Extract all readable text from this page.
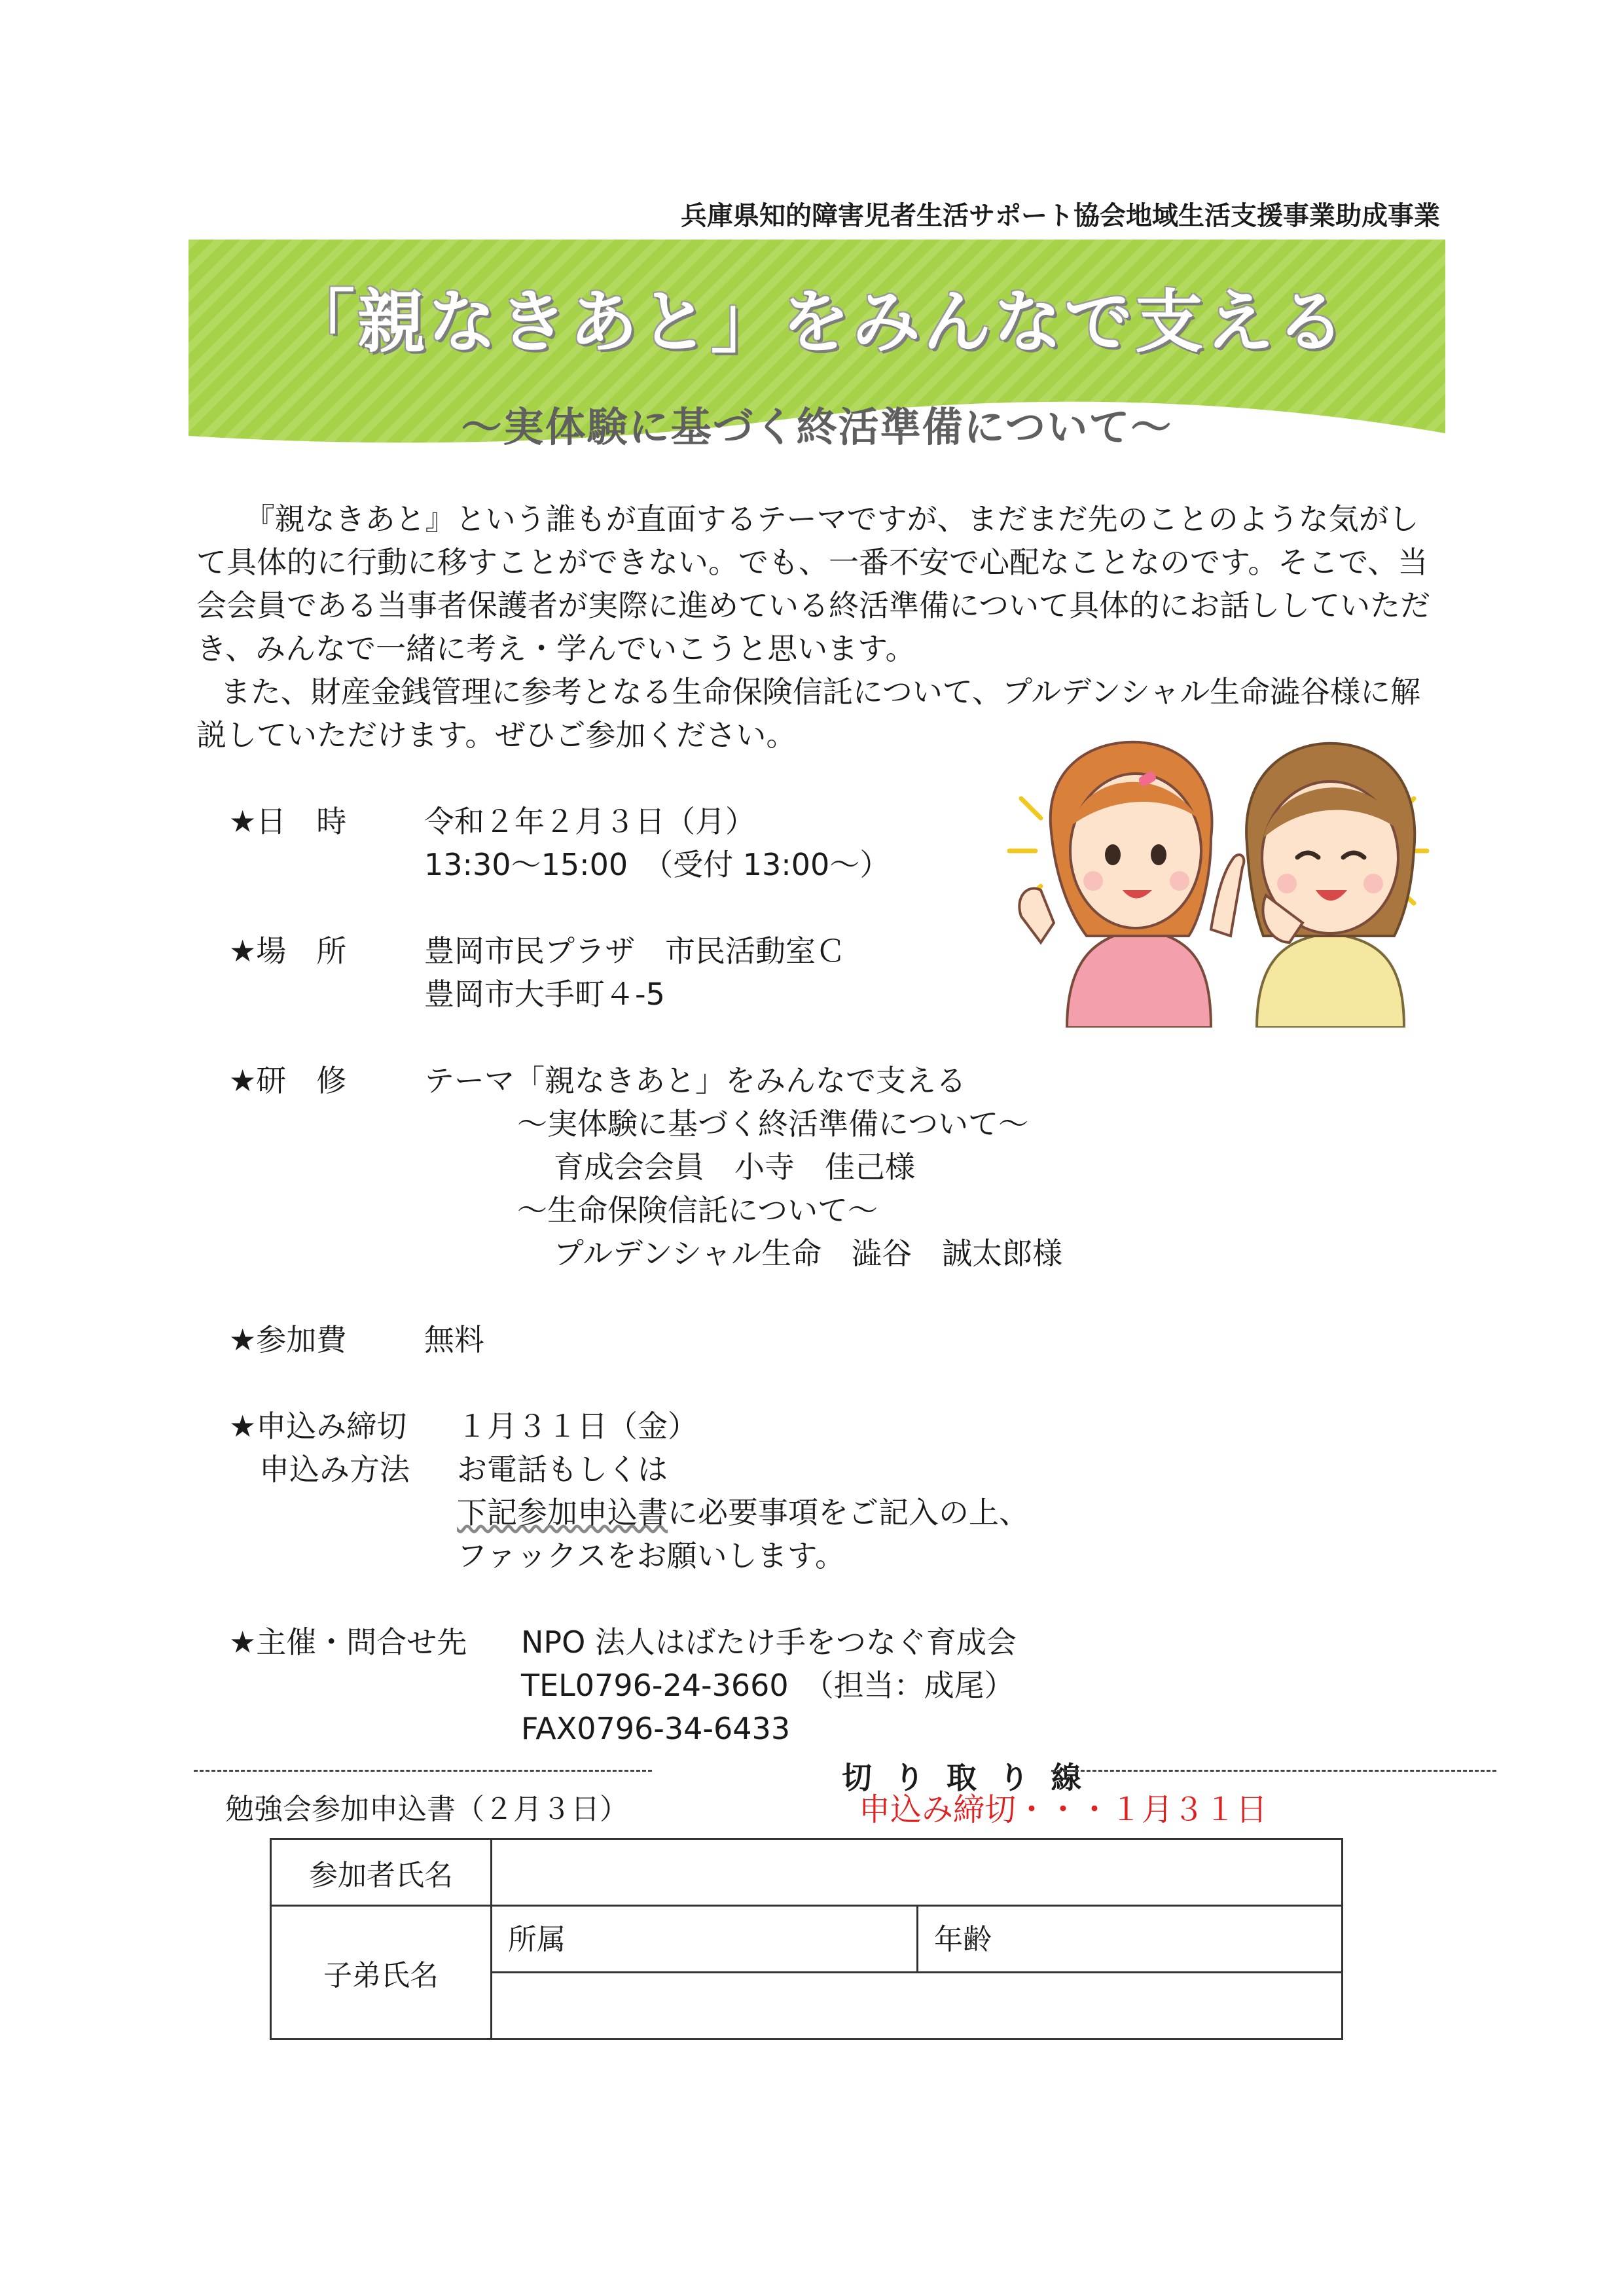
兵庫県知的障害児者生活サポート協会地域生活支援事業助成事業
「親なきあと」をみんなで支える
～実体験に基づく終活準備について～

『親なきあと』という誰もが直面するテーマですが、まだまだ先のことのような気がして具体的に行動に移すことができない。でも、一番不安で心配なことなのです。そこで、当会会員である当事者保護者が実際に進めている終活準備について具体的にお話ししていただき、みんなで一緒に考え・学んでいこうと思います。

また、財産金銭管理に参考となる生命保険信託について、プルデンシャル生命澁谷様に解説していただけます。ぜひご参加ください。

★日　時	令和２年２月３日（月）
13:30～15:00　（受付 13:00～）
★場　所	豊岡市民プラザ　市民活動室Ｃ
豊岡市大手町４-5
★研　修	テーマ「親なきあと」をみんなで支える
～実体験に基づく終活準備について～
育成会会員　小寺　佳己様
～生命保険信託について～
プルデンシャル生命　澁谷　誠太郎様
★参加費	無料
★申込み締切 １月３１日（金）
申込み方法 お電話もしくは
下記参加申込書に必要事項をご記入の上、
ファックスをお願いします。
★主催・問合せ先 NPO 法人はばたけ手をつなぐ育成会
TEL0796-24-3660　（担当：成尾）
FAX0796-34-6433
切り取り線
勉強会参加申込書（２月３日）	申込み締切・・・１月３１日
参加者氏名		
子弟氏名	所属	年齢
